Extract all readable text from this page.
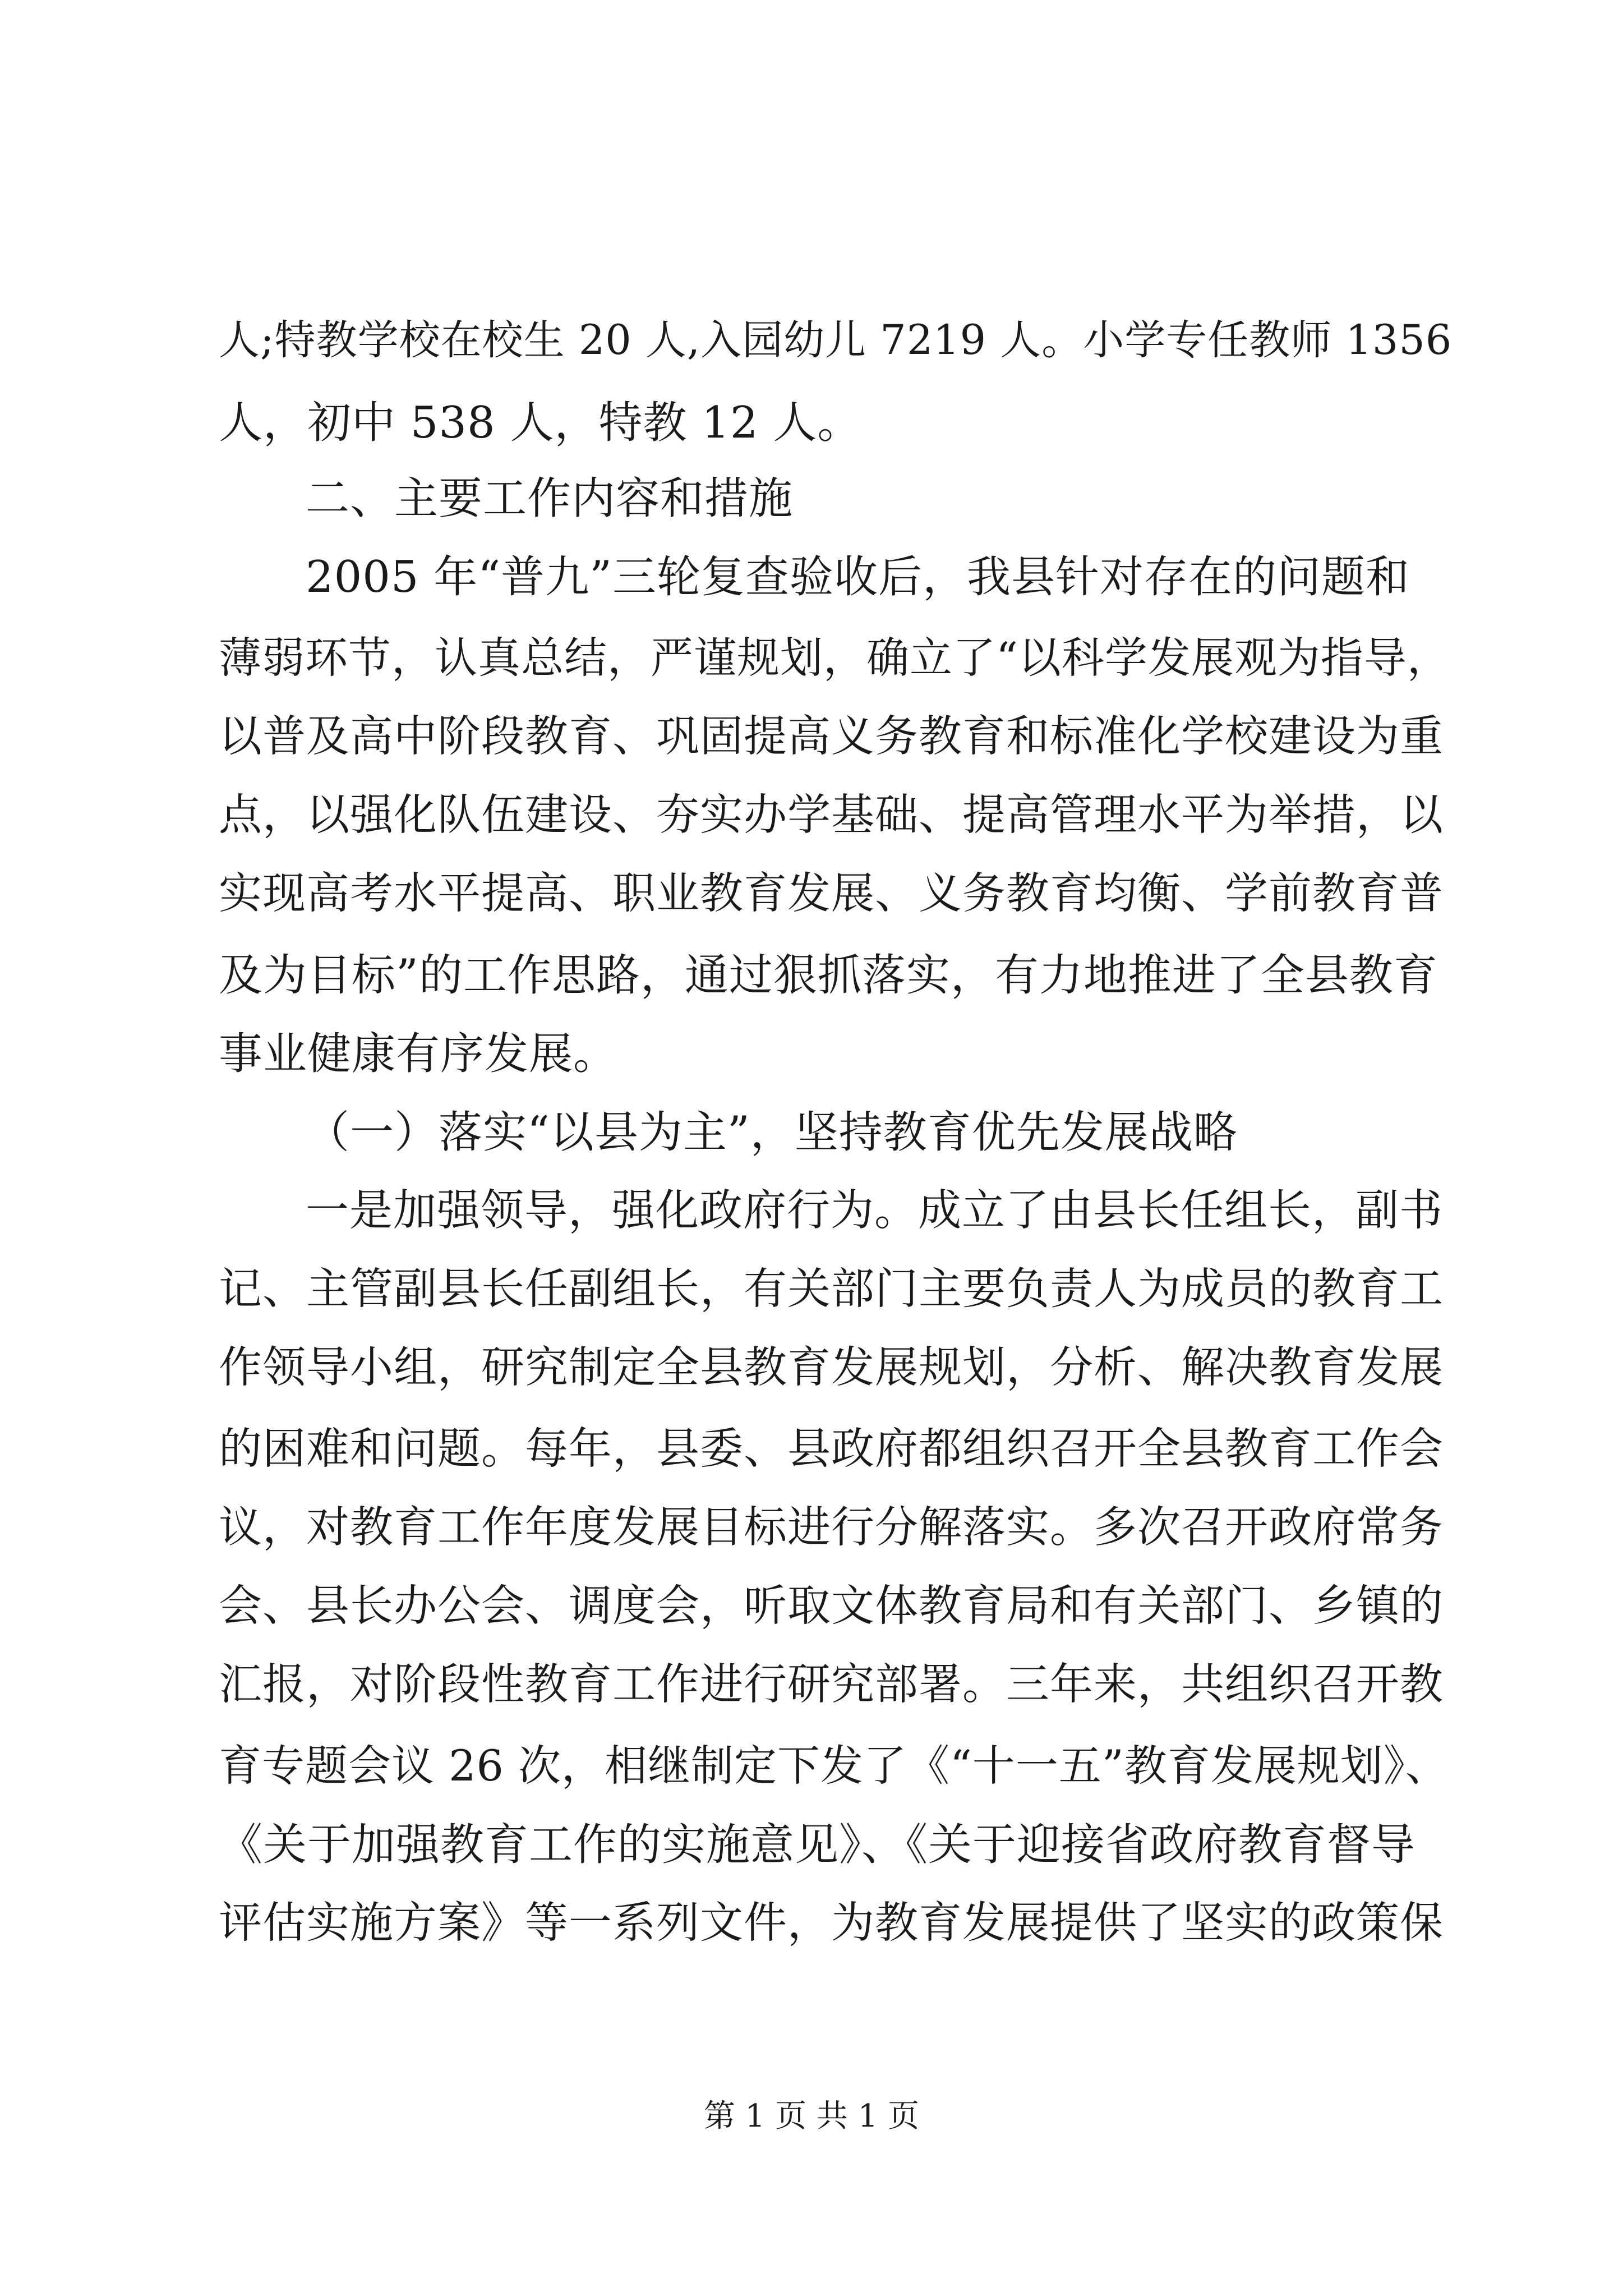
人;特教学校在校生 20 人,入园幼儿 7219 人。小学专任教师 1356
人，初中 538 人，特教 12 人。
二、主要工作内容和措施
2005 年“普九”三轮复查验收后，我县针对存在的问题和
薄弱环节，认真总结，严谨规划，确立了“以科学发展观为指导，
以普及高中阶段教育、巩固提高义务教育和标准化学校建设为重
点，以强化队伍建设、夯实办学基础、提高管理水平为举措，以
实现高考水平提高、职业教育发展、义务教育均衡、学前教育普
及为目标”的工作思路，通过狠抓落实，有力地推进了全县教育
事业健康有序发展。
（一）落实“以县为主”，坚持教育优先发展战略
一是加强领导，强化政府行为。成立了由县长任组长，副书
记、主管副县长任副组长，有关部门主要负责人为成员的教育工
作领导小组，研究制定全县教育发展规划，分析、解决教育发展
的困难和问题。每年，县委、县政府都组织召开全县教育工作会
议，对教育工作年度发展目标进行分解落实。多次召开政府常务
会、县长办公会、调度会，听取文体教育局和有关部门、乡镇的
汇报，对阶段性教育工作进行研究部署。三年来，共组织召开教
育专题会议 26 次，相继制定下发了《“十一五”教育发展规划》、
《关于加强教育工作的实施意见》、《关于迎接省政府教育督导
评估实施方案》等一系列文件，为教育发展提供了坚实的政策保
第 1 页 共 1 页
